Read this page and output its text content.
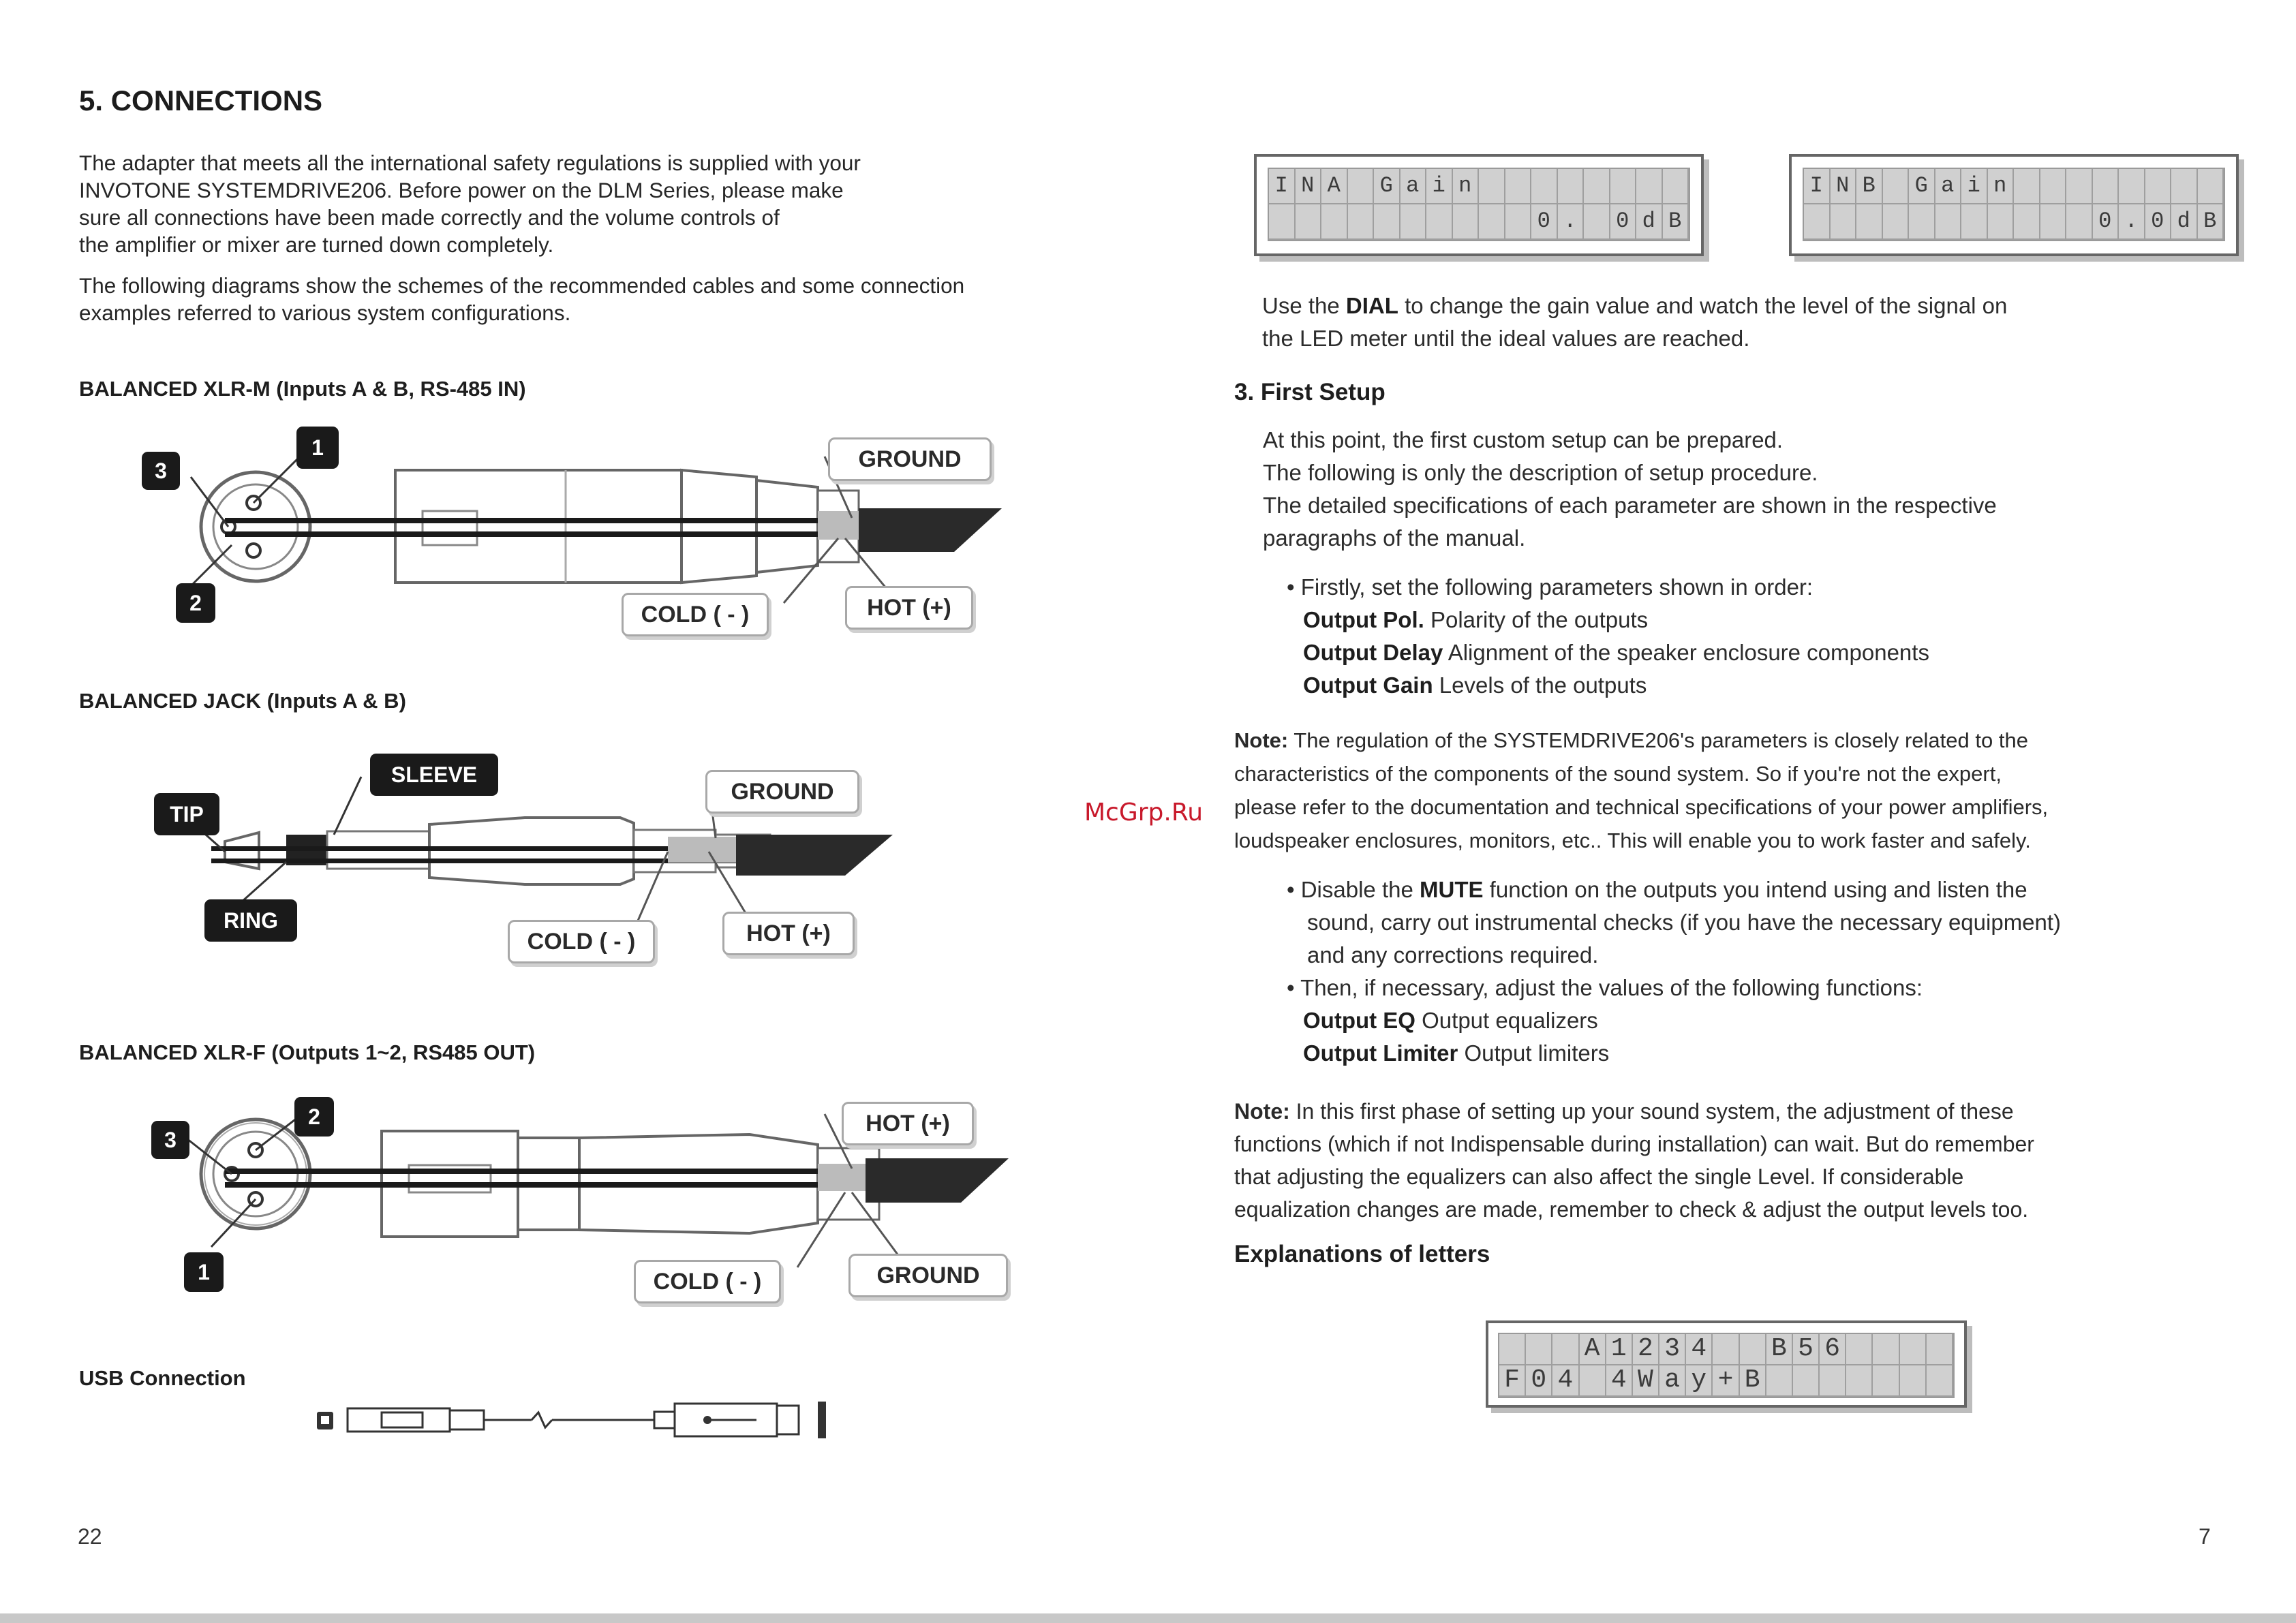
5. CONNECTIONS
The adapter that meets all the international safety regulations is supplied with your
INVOTONE SYSTEMDRIVE206. Before power on the DLM Series, please make
sure all connections have been made correctly and the volume controls of
the amplifier or mixer are turned down completely.
The following diagrams show the schemes of the recommended cables and some connection
examples referred to various system configurations.
BALANCED XLR-M (Inputs A & B, RS-485 IN)
3
1
2
GROUND
COLD ( - )	HOT (+)
BALANCED JACK (Inputs A & B)
TIP
RING
SLEEVE
GROUND
COLD ( - )	HOT (+)
BALANCED XLR-F (Outputs 1~2, RS485 OUT)
3
2
1
HOT (+)
COLD ( - )	GROUND
USB Connection
22
McGrp.Ru
I N A	G a i n
0 .	0 d B
I N B	G a i n
0 . 0 d B
Use the DIAL to change the gain value and watch the level of the signal on
the LED meter until the ideal values are reached.
3. First Setup
At this point, the first custom setup can be prepared.
The following is only the description of setup procedure.
The detailed specifications of each parameter are shown in the respective
paragraphs of the manual.
• Firstly, set the following parameters shown in order:
Output Pol. Polarity of the outputs
Output Delay Alignment of the speaker enclosure components
Output Gain Levels of the outputs
Note: The regulation of the SYSTEMDRIVE206's parameters is closely related to the
characteristics of the components of the sound system. So if you're not the expert,
please refer to the documentation and technical specifications of your power amplifiers,
loudspeaker enclosures, monitors, etc.. This will enable you to work faster and safely.
• Disable the MUTE function on the outputs you intend using and listen the
sound, carry out instrumental checks (if you have the necessary equipment)
and any corrections required.
• Then, if necessary, adjust the values of the following functions:
Output EQ Output equalizers
Output Limiter Output limiters
Note: In this first phase of setting up your sound system, the adjustment of these
functions (which if not Indispensable during installation) can wait. But do remember
that adjusting the equalizers can also affect the single Level. If considerable
equalization changes are made, remember to check & adjust the output levels too.
Explanations of letters
A 1 2 3 4 B 5 6
F 0 4 4 W a y + B
7
